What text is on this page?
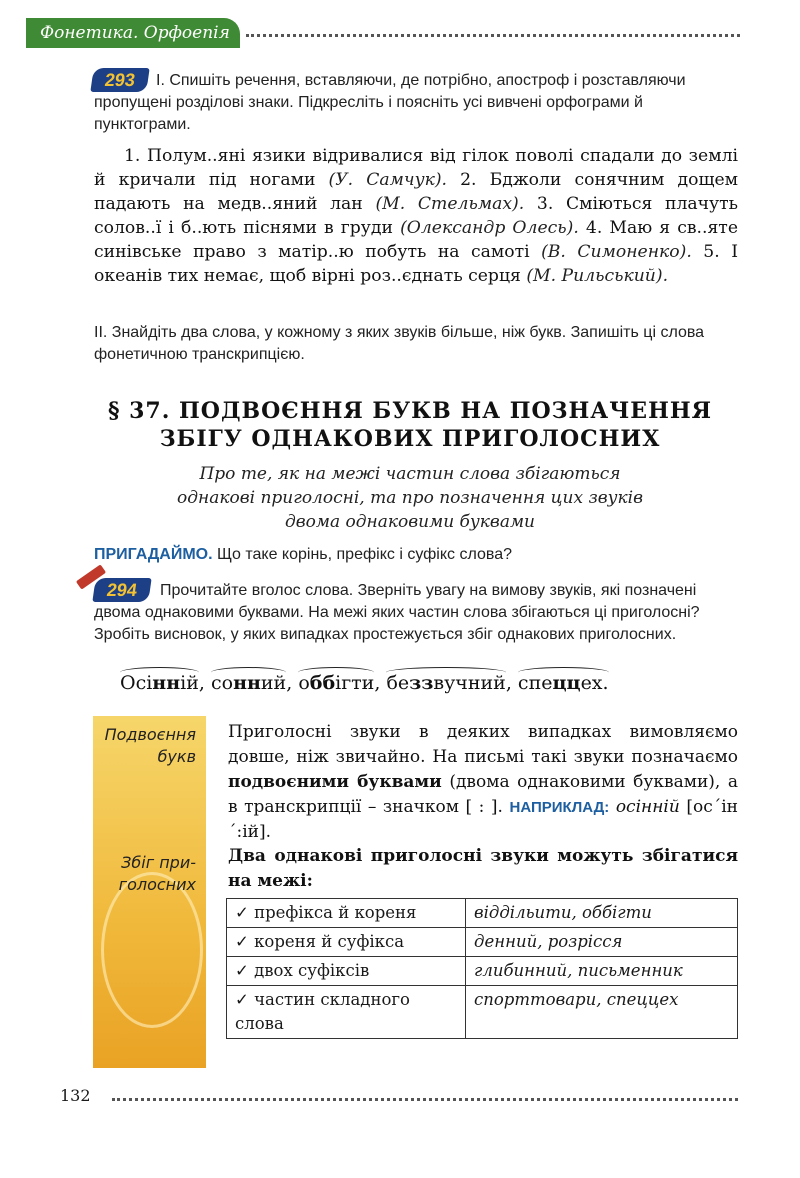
Фонетика. Орфоепія
293	І. Спишіть речення, вставляючи, де потрібно, апостроф і розставляючи пропущені розділові знаки. Підкресліть і поясніть усі вивчені орфограми й пунктограми.
1. Полум..яні язики відривалися від гілок поволі спадали до землі й кричали під ногами (У. Самчук). 2. Бджоли сонячним дощем падають на медв..яний лан (М. Стельмах). 3. Сміються плачуть солов..ї і б..ють піснями в груди (Олександр Олесь). 4. Маю я св..яте синівське право з матір..ю побуть на самоті (В. Симоненко). 5. І океанів тих немає, щоб вірні роз..єднать серця (М. Рильський).
ІІ. Знайдіть два слова, у кожному з яких звуків більше, ніж букв. Запишіть ці слова фонетичною транскрипцією.
§ 37. ПОДВОЄННЯ БУКВ НА ПОЗНАЧЕННЯ
ЗБІГУ ОДНАКОВИХ ПРИГОЛОСНИХ
Про те, як на межі частин слова збігаються
однакові приголосні, та про позначення цих звуків
двома однаковими буквами
ПРИГАДАЙМО. Що таке корінь, префікс і суфікс слова?
294	Прочитайте вголос слова. Зверніть увагу на вимову звуків, які позначені двома однаковими буквами. На межі яких частин слова збігаються ці приголосні? Зробіть висновок, у яких випадках простежується збіг однакових приголосних.
Осінній, сонний, оббігти, беззвучний, спеццех.
Подвоєння
букв
Збіг при-
голосних
Приголосні звуки в деяких випадках вимовляємо довше, ніж звичайно. На письмі такі звуки позначаємо подвоєними буквами (двома однаковими буквами), а в транскрипції – значком [ : ]. НАПРИКЛАД: осінній [ос´ін´:ій].
Два однакові приголосні звуки можуть збігатися на межі:
✓ префікса й кореня	віддільити, оббігти
✓ кореня й суфікса	денний, розрісся
✓ двох суфіксів	глибинний, письменник
✓ частин складного слова	спорттовари, спеццех
132
